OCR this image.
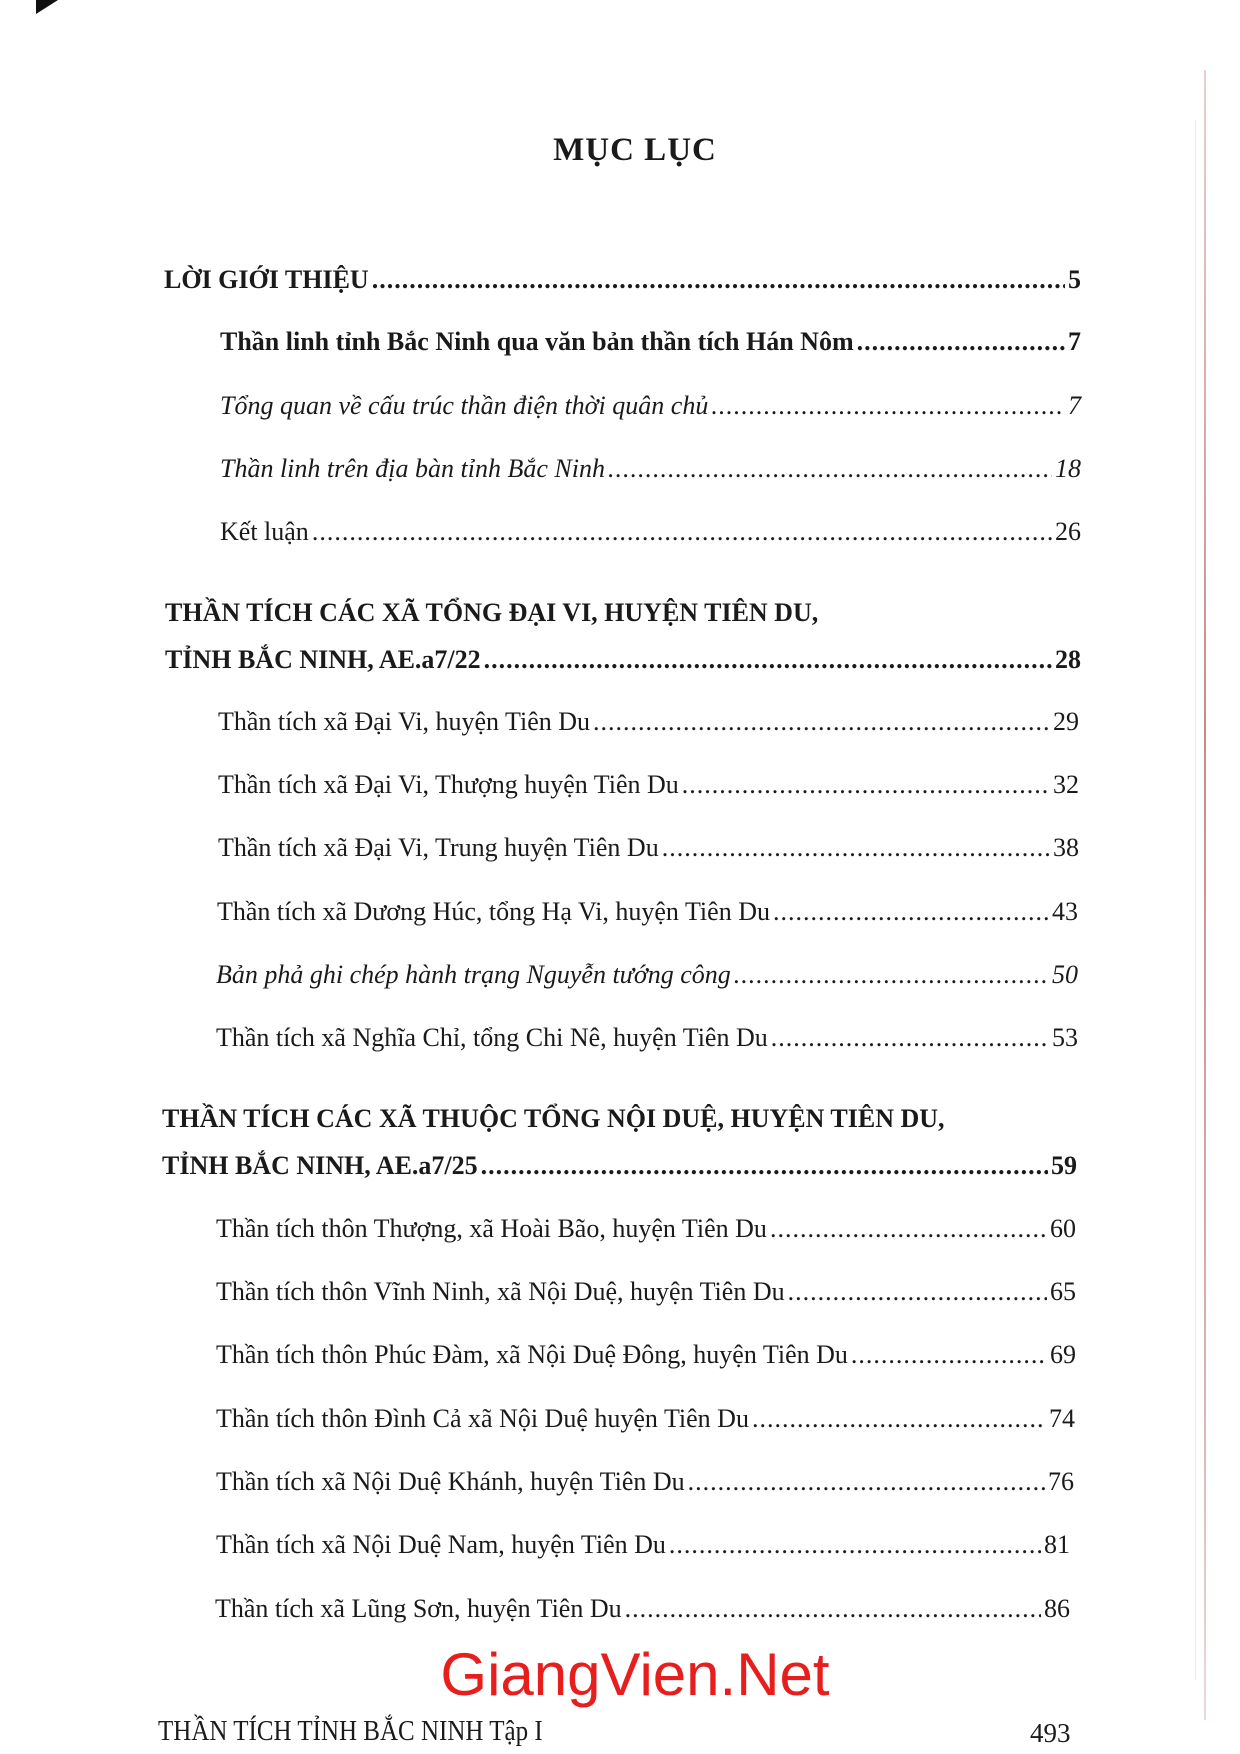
MỤC LỤC
LỜI GIỚI THIỆU .....	5
Thần linh tỉnh Bắc Ninh qua văn bản thần tích Hán Nôm .....	7
Tổng quan về cấu trúc thần điện thời quân chủ .....	7
Thần linh trên địa bàn tỉnh Bắc Ninh .....	18
Kết luận .....	26
THẦN TÍCH CÁC XÃ TỔNG ĐẠI VI, HUYỆN TIÊN DU,
TỈNH BẮC NINH, AE.a7/22 .....	28
Thần tích xã Đại Vi, huyện Tiên Du .....	29
Thần tích xã Đại Vi, Thượng huyện Tiên Du .....	32
Thần tích xã Đại Vi, Trung huyện Tiên Du .....	38
Thần tích xã Dương Húc, tổng Hạ Vi, huyện Tiên Du .....	43
Bản phả ghi chép hành trạng Nguyễn tướng công .....	50
Thần tích xã Nghĩa Chỉ, tổng Chi Nê, huyện Tiên Du .....	53
THẦN TÍCH CÁC XÃ THUỘC TỔNG NỘI DUỆ, HUYỆN TIÊN DU,
TỈNH BẮC NINH, AE.a7/25 .....	59
Thần tích thôn Thượng, xã Hoài Bão, huyện Tiên Du .....	60
Thần tích thôn Vĩnh Ninh, xã Nội Duệ, huyện Tiên Du .....	65
Thần tích thôn Phúc Đàm, xã Nội Duệ Đông, huyện Tiên Du .....	69
Thần tích thôn Đình Cả xã Nội Duệ huyện Tiên Du .....	74
Thần tích xã Nội Duệ Khánh, huyện Tiên Du .....	76
Thần tích xã Nội Duệ Nam, huyện Tiên Du .....	81
Thần tích xã Lũng Sơn, huyện Tiên Du .....	86
GiangVien.Net
THẦN TÍCH TỈNH BẮC NINH Tập I	493
